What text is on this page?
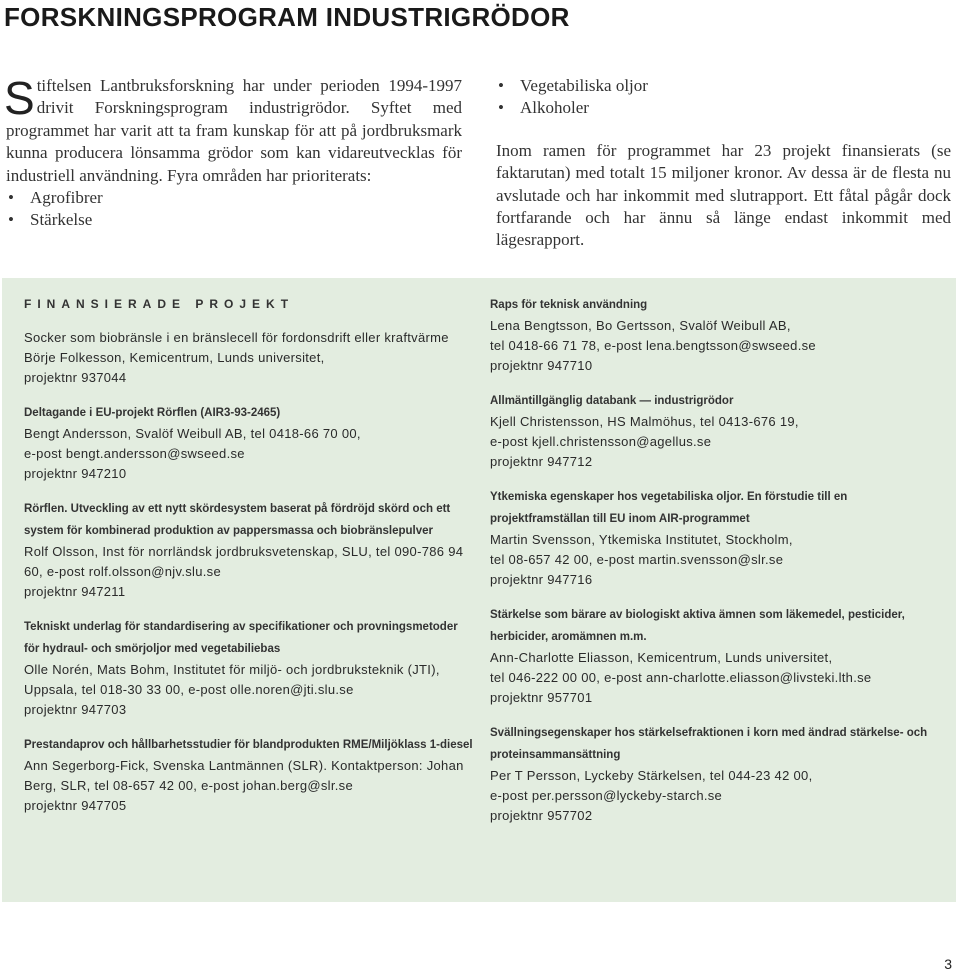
FORSKNINGSPROGRAM INDUSTRIGRÖDOR

Stiftelsen Lantbruksforskning har under perioden 1994-1997 drivit Forskningsprogram industrigrödor. Syftet med programmet har varit att ta fram kunskap för att på jordbruksmark kunna producera lönsamma grödor som kan vidareutvecklas för industriell användning. Fyra områden har prioriterats:

• Agrofibrer
• Stärkelse
• Vegetabiliska oljor
• Alkoholer

Inom ramen för programmet har 23 projekt finansierats (se faktarutan) med totalt 15 miljoner kronor. Av dessa är de flesta nu avslutade och har inkommit med slutrapport. Ett fåtal pågår dock fortfarande och har ännu så länge endast inkommit med lägesrapport.

FINANSIERADE PROJEKT
Socker som biobränsle i en bränslecell för fordonsdrift eller kraftvärme
Börje Folkesson, Kemicentrum, Lunds universitet,
projektnr 937044
Deltagande i EU-projekt Rörflen (AIR3-93-2465)
Bengt Andersson, Svalöf Weibull AB, tel 0418-66 70 00,
e-post bengt.andersson@swseed.se
projektnr 947210
Rörflen. Utveckling av ett nytt skördesystem baserat på fördröjd skörd och ett system för kombinerad produktion av pappersmassa och biobränslepulver
Rolf Olsson, Inst för norrländsk jordbruksvetenskap, SLU, tel 090-786 94 60, e-post rolf.olsson@njv.slu.se
projektnr 947211
Tekniskt underlag för standardisering av specifikationer och provningsmetoder för hydraul- och smörjoljor med vegetabiliebas
Olle Norén, Mats Bohm, Institutet för miljö- och jordbruksteknik (JTI), Uppsala, tel 018-30 33 00, e-post olle.noren@jti.slu.se
projektnr 947703
Prestandaprov och hållbarhetsstudier för blandprodukten RME/Miljöklass 1-diesel
Ann Segerborg-Fick, Svenska Lantmännen (SLR). Kontaktperson: Johan Berg, SLR, tel 08-657 42 00, e-post johan.berg@slr.se
projektnr 947705
Raps för teknisk användning
Lena Bengtsson, Bo Gertsson, Svalöf Weibull AB,
tel 0418-66 71 78, e-post lena.bengtsson@swseed.se
projektnr 947710
Allmäntillgänglig databank — industrigrödor
Kjell Christensson, HS Malmöhus, tel 0413-676 19,
e-post kjell.christensson@agellus.se
projektnr 947712
Ytkemiska egenskaper hos vegetabiliska oljor. En förstudie till en projektframställan till EU inom AIR-programmet
Martin Svensson, Ytkemiska Institutet, Stockholm,
tel 08-657 42 00, e-post martin.svensson@slr.se
projektnr 947716
Stärkelse som bärare av biologiskt aktiva ämnen som läkemedel, pesticider, herbicider, aromämnen m.m.
Ann-Charlotte Eliasson, Kemicentrum, Lunds universitet,
tel 046-222 00 00, e-post ann-charlotte.eliasson@livsteki.lth.se
projektnr 957701
Svällningsegenskaper hos stärkelsefraktionen i korn med ändrad stärkelse- och proteinsammansättning
Per T Persson, Lyckeby Stärkelsen, tel 044-23 42 00,
e-post per.persson@lyckeby-starch.se
projektnr 957702
3
